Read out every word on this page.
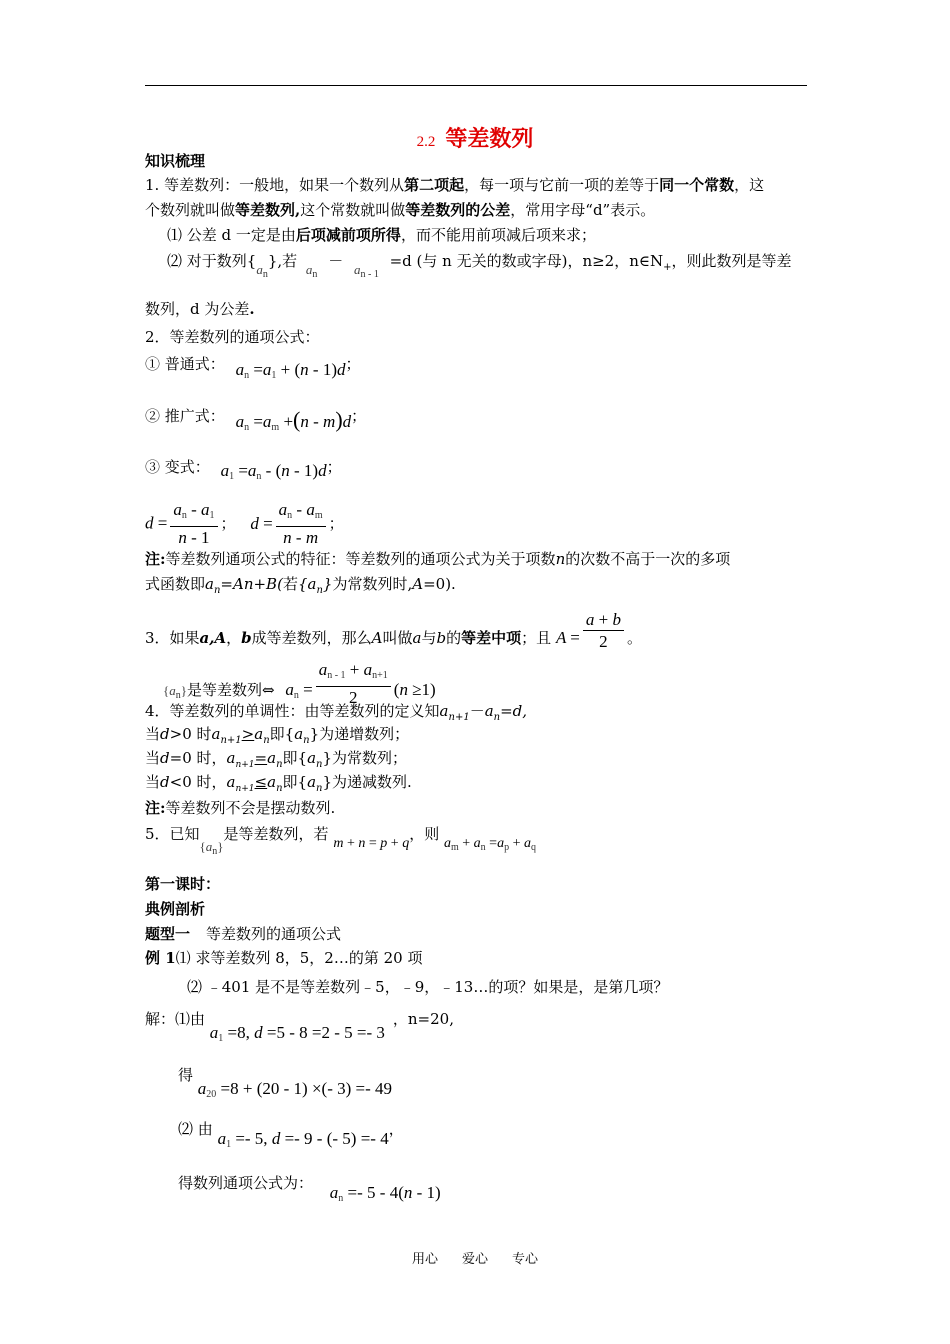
2.2 等差数列
知识梳理
1. 等差数列：一般地，如果一个数列从第二项起，每一项与它前一项的差等于同一个常数，这
个数列就叫做等差数列,这个常数就叫做等差数列的公差，常用字母“d”表示。
⑴ 公差 d 一定是由后项减前项所得，而不能用前项减后项来求；
⑵ 对于数列$\{a_n\}$,若 $a_n - a_{n - 1} =d$ (与 n 无关的数或字母)，n≥2，$n\in N_+$，则此数列是等差
数列，d 为公差.
2．等差数列的通项公式：
① 普通式： $a_n =a_1 + (n - 1)d$；
② 推广式： $a_n =a_m +(n - m)d$；
③ 变式： $a_1 =a_n - (n - 1)d$；
$d = \frac{a_n - a_1}{n - 1}$ ； $d = \frac{a_n - a_m}{n - m}$ ；
注:等差数列通项公式的特征：等差数列的通项公式为关于项数n的次数不高于一次的多项
式函数即$a_n=An+B$(若$\{a_n\}$为常数列时,A=0).
3．如果a,A，b成等差数列，那么A叫做a与b的等差中项；且 $A = \frac{a + b}{2}$ 。
$\{a_n\}$是等差数列⇔ $a_n = \frac{a_{n - 1} + a_{n+1}}{2} (n \ge 1)$
4．等差数列的单调性：由等差数列的定义知$a_{n+1}-a_n=d$,
当d>0 时$a_{n+1}>a_n$即$\{a_n\}$为递增数列；
当d=0 时，$a_{n+1}=a_n$即$\{a_n\}$为常数列；
当d<0 时，$a_{n+1}\le a_n$即$\{a_n\}$为递减数列.
注:等差数列不会是摆动数列.
5．已知$\{a_n\}$是等差数列，若 m + n = p + q，则 $a_m + a_n =a_p + a_q$
第一课时：
典例剖析
题型一 等差数列的通项公式
例 1⑴ 求等差数列 8，5，2…的第 20 项
⑵ ﹣401 是不是等差数列﹣5，﹣9，﹣13…的项？如果是，是第几项？
解：⑴由 $a_1 =8$, d =5 - 8 =2 - 5 =- 3，n=20,
得 $a_{20} =8 + (20 - 1)$ ×(- 3) =- 49
⑵ 由 $a_1 =- 5$, d =- 9 - (- 5) =- 4，
得数列通项公式为： $a_n =- 5 - 4(n - 1)$
用心 爱心 专心
